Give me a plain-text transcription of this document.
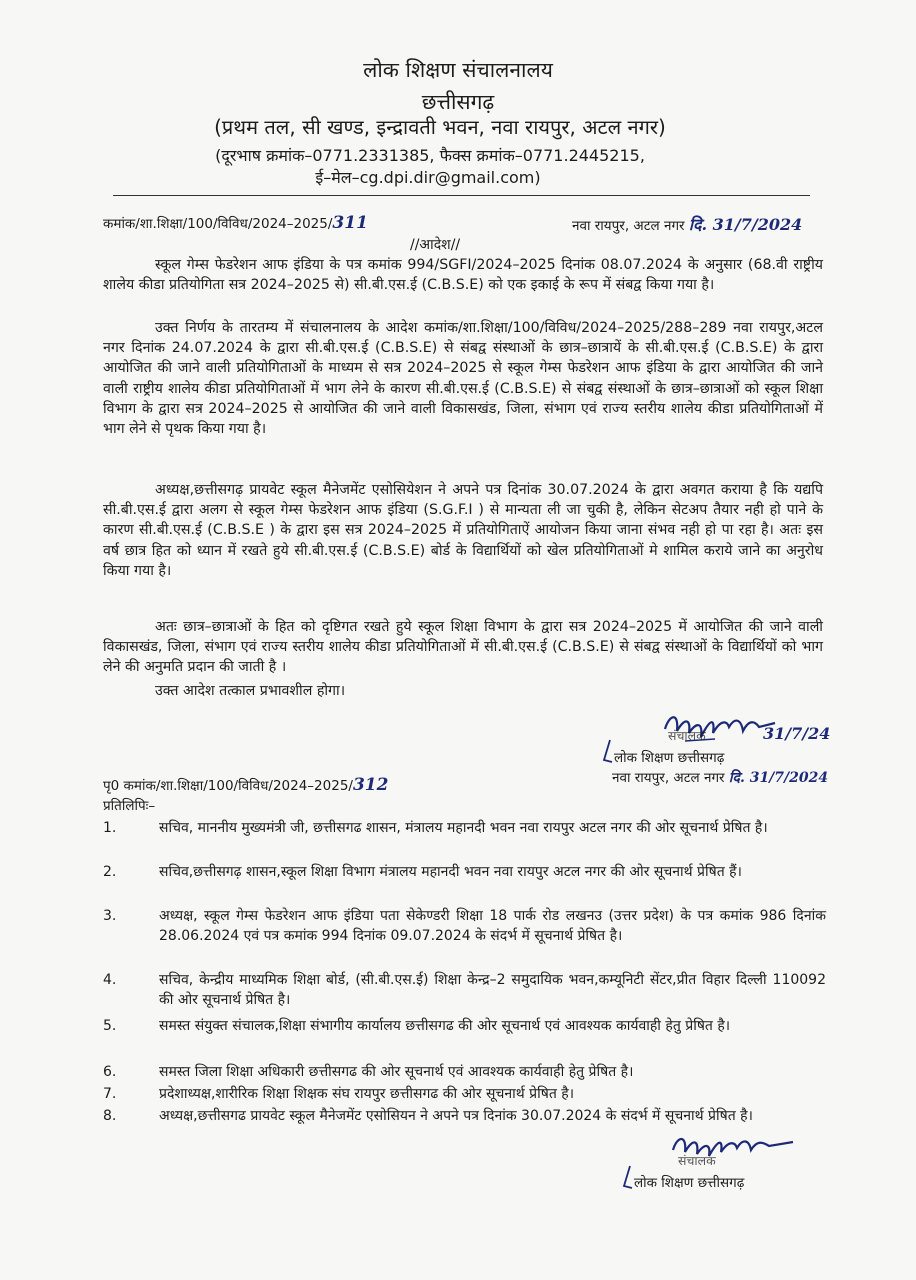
लोक शिक्षण संचालनालय
छत्तीसगढ़
(प्रथम तल, सी खण्ड, इन्द्रावती भवन, नवा रायपुर, अटल नगर)
(दूरभाष क्रमांक–0771.2331385, फैक्स क्रमांक–0771.2445215,
ई–मेल–cg.dpi.dir@gmail.com)
कमांक/शा.शिक्षा/100/विविध/2024–2025/311	नवा रायपुर, अटल नगर दि. 31/7/2024
//आदेश//
स्कूल गेम्स फेडरेशन आफ इंडिया के पत्र कमांक 994/SGFI/2024–2025 दिनांक 08.07.2024 के अनुसार (68.वी राष्ट्रीय शालेय कीडा प्रतियोगिता सत्र 2024–2025 से) सी.बी.एस.ई (C.B.S.E) को एक इकाई के रूप में संबद्व किया गया है।
उक्त निर्णय के तारतम्य में संचालनालय के आदेश कमांक/शा.शिक्षा/100/विविध/2024–2025/288–289 नवा रायपुर,अटल नगर दिनांक 24.07.2024 के द्वारा सी.बी.एस.ई (C.B.S.E) से संबद्व संस्थाओं के छात्र–छात्रायें के सी.बी.एस.ई (C.B.S.E) के द्वारा आयोजित की जाने वाली प्रतियोगिताओं के माध्यम से सत्र 2024–2025 से स्कूल गेम्स फेडरेशन आफ इंडिया के द्वारा आयोजित की जाने वाली राष्ट्रीय शालेय कीडा प्रतियोगिताओं में भाग लेने के कारण सी.बी.एस.ई (C.B.S.E) से संबद्व संस्थाओं के छात्र–छात्राओं को स्कूल शिक्षा विभाग के द्वारा सत्र 2024–2025 से आयोजित की जाने वाली विकासखंड, जिला, संभाग एवं राज्य स्तरीय शालेय कीडा प्रतियोगिताओं में भाग लेने से पृथक किया गया है।
अध्यक्ष,छत्तीसगढ़ प्रायवेट स्कूल मैनेजमेंट एसोसियेशन ने अपने पत्र दिनांक 30.07.2024 के द्वारा अवगत कराया है कि यद्यपि सी.बी.एस.ई द्वारा अलग से स्कूल गेम्स फेडरेशन आफ इंडिया (S.G.F.I ) से मान्यता ली जा चुकी है, लेकिन सेटअप तैयार नही हो पाने के कारण सी.बी.एस.ई (C.B.S.E ) के द्वारा इस सत्र 2024–2025 में प्रतियोगिताऐं आयोजन किया जाना संभव नही हो पा रहा है। अतः इस वर्ष छात्र हित को ध्यान में रखते हुये सी.बी.एस.ई (C.B.S.E) बोर्ड के विद्यार्थियों को खेल प्रतियोगिताओं मे शामिल कराये जाने का अनुरोध किया गया है।
अतः छात्र–छात्राओं के हित को दृष्टिगत रखते हुये स्कूल शिक्षा विभाग के द्वारा सत्र 2024–2025 में आयोजित की जाने वाली विकासखंड, जिला, संभाग एवं राज्य स्तरीय शालेय कीडा प्रतियोगिताओं में सी.बी.एस.ई (C.B.S.E) से संबद्व संस्थाओं के विद्यार्थियों को भाग लेने की अनुमति प्रदान की जाती है ।
उक्त आदेश तत्काल प्रभावशील होगा।
31/7/24
संचालक
लोक शिक्षण छत्तीसगढ़
नवा रायपुर, अटल नगर दि. 31/7/2024
पृ0 कमांक/शा.शिक्षा/100/विविध/2024–2025/312
प्रतिलिपिः–
1.	सचिव, माननीय मुख्यमंत्री जी, छत्तीसगढ शासन, मंत्रालय महानदी भवन नवा रायपुर अटल नगर की ओर सूचनार्थ प्रेषित है।
2.	सचिव,छत्तीसगढ़ शासन,स्कूल शिक्षा विभाग मंत्रालय महानदी भवन नवा रायपुर अटल नगर की ओर सूचनार्थ प्रेषित हैं।
3.	अध्यक्ष, स्कूल गेम्स फेडरेशन आफ इंडिया पता सेकेण्डरी शिक्षा 18 पार्क रोड लखनउ (उत्तर प्रदेश) के पत्र कमांक 986 दिनांक 28.06.2024 एवं पत्र कमांक 994 दिनांक 09.07.2024 के संदर्भ में सूचनार्थ प्रेषित है।
4.	सचिव, केन्द्रीय माध्यमिक शिक्षा बोर्ड, (सी.बी.एस.ई) शिक्षा केन्द्र–2 समुदायिक भवन,कम्यूनिटी सेंटर,प्रीत विहार दिल्ली 110092 की ओर सूचनार्थ प्रेषित है।
5.	समस्त संयुक्त संचालक,शिक्षा संभागीय कार्यालय छत्तीसगढ की ओर सूचनार्थ एवं आवश्यक कार्यवाही हेतु प्रेषित है।
6.	समस्त जिला शिक्षा अधिकारी छत्तीसगढ की ओर सूचनार्थ एवं आवश्यक कार्यवाही हेतु प्रेषित है।
7.	प्रदेशाध्यक्ष,शारीरिक शिक्षा शिक्षक संघ रायपुर छत्तीसगढ की ओर सूचनार्थ प्रेषित है।
8.	अध्यक्ष,छत्तीसगढ प्रायवेट स्कूल मैनेजमेंट एसोसियन ने अपने पत्र दिनांक 30.07.2024 के संदर्भ में सूचनार्थ प्रेषित है।
संचालक
लोक शिक्षण छत्तीसगढ़
